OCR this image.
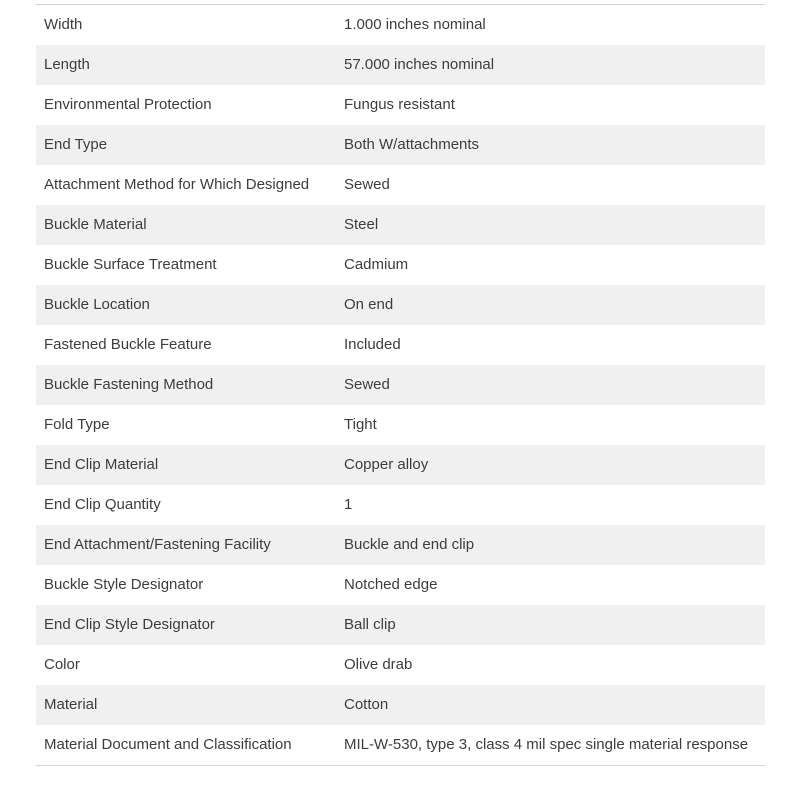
Width	1.000 inches nominal
Length	57.000 inches nominal
Environmental Protection	Fungus resistant
End Type	Both W/attachments
Attachment Method for Which Designed	Sewed
Buckle Material	Steel
Buckle Surface Treatment	Cadmium
Buckle Location	On end
Fastened Buckle Feature	Included
Buckle Fastening Method	Sewed
Fold Type	Tight
End Clip Material	Copper alloy
End Clip Quantity	1
End Attachment/Fastening Facility	Buckle and end clip
Buckle Style Designator	Notched edge
End Clip Style Designator	Ball clip
Color	Olive drab
Material	Cotton
Material Document and Classification	MIL-W-530, type 3, class 4 mil spec single material response
